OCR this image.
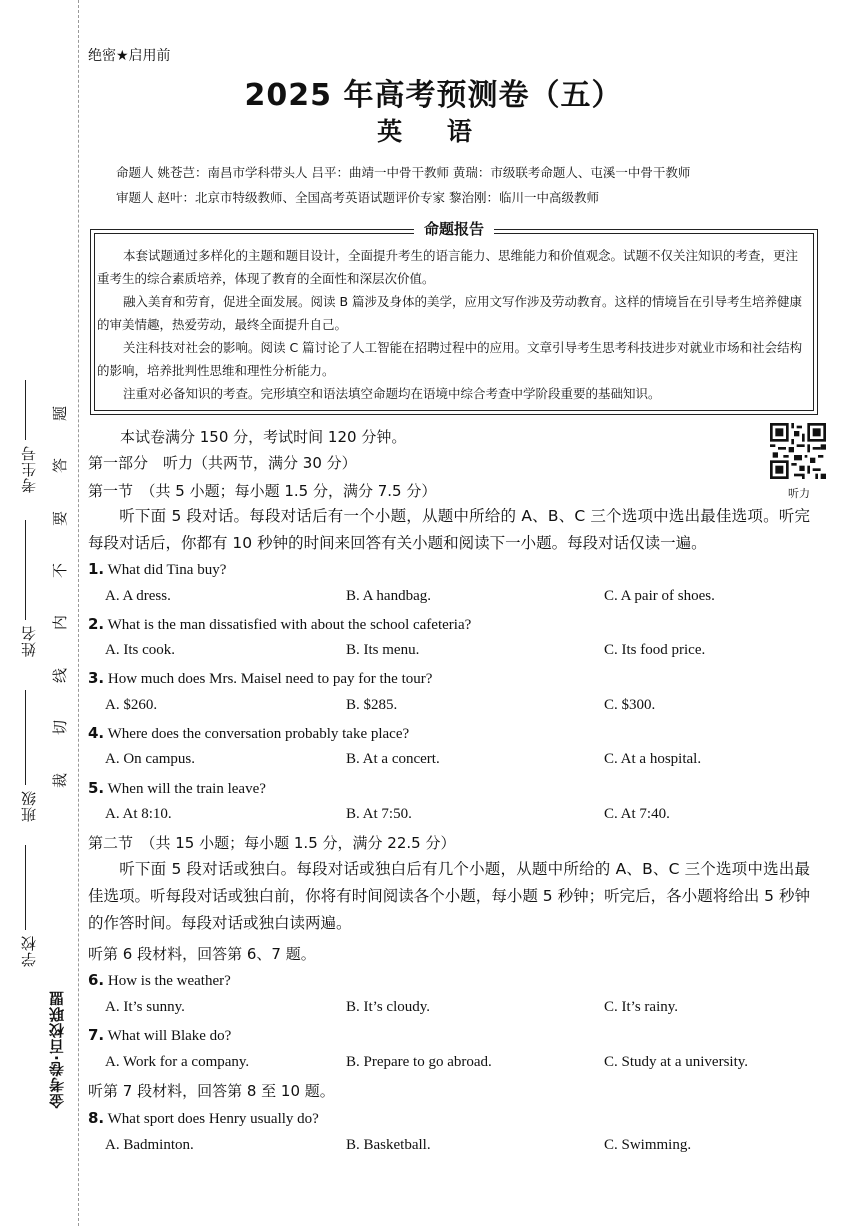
考生号
姓名
班级
学校
金考卷·百校联盟
题
答
要
不
内
线
切
裁
绝密★启用前
2025 年高考预测卷（五）
英 语
命题人 姚苍芑：南昌市学科带头人 吕平：曲靖一中骨干教师 黄瑞：市级联考命题人、屯溪一中骨干教师
审题人 赵叶：北京市特级教师、全国高考英语试题评价专家 黎治刚：临川一中高级教师
命题报告
本套试题通过多样化的主题和题目设计，全面提升考生的语言能力、思维能力和价值观念。试题不仅关注知识的考查，更注重考生的综合素质培养，体现了教育的全面性和深层次价值。
融入美育和劳育，促进全面发展。阅读 B 篇涉及身体的美学，应用文写作涉及劳动教育。这样的情境旨在引导考生培养健康的审美情趣，热爱劳动，最终全面提升自己。
关注科技对社会的影响。阅读 C 篇讨论了人工智能在招聘过程中的应用。文章引导考生思考科技进步对就业市场和社会结构的影响，培养批判性思维和理性分析能力。
注重对必备知识的考查。完形填空和语法填空命题均在语境中综合考查中学阶段重要的基础知识。
听力
本试卷满分 150 分，考试时间 120 分钟。
第一部分　听力（共两节，满分 30 分）
第一节　（共 5 小题；每小题 1.5 分，满分 7.5 分）
听下面 5 段对话。每段对话后有一个小题，从题中所给的 A、B、C 三个选项中选出最佳选项。听完每段对话后，你都有 10 秒钟的时间来回答有关小题和阅读下一小题。每段对话仅读一遍。
1. What did Tina buy?
A. A dress.	B. A handbag.	C. A pair of shoes.
2. What is the man dissatisfied with about the school cafeteria?
A. Its cook.	B. Its menu.	C. Its food price.
3. How much does Mrs. Maisel need to pay for the tour?
A. $260.	B. $285.	C. $300.
4. Where does the conversation probably take place?
A. On campus.	B. At a concert.	C. At a hospital.
5. When will the train leave?
A. At 8:10.	B. At 7:50.	C. At 7:40.
第二节　（共 15 小题；每小题 1.5 分，满分 22.5 分）
听下面 5 段对话或独白。每段对话或独白后有几个小题，从题中所给的 A、B、C 三个选项中选出最佳选项。听每段对话或独白前，你将有时间阅读各个小题，每小题 5 秒钟；听完后，各小题将给出 5 秒钟的作答时间。每段对话或独白读两遍。
听第 6 段材料，回答第 6、7 题。
6. How is the weather?
A. It’s sunny.	B. It’s cloudy.	C. It’s rainy.
7. What will Blake do?
A. Work for a company.	B. Prepare to go abroad.	C. Study at a university.
听第 7 段材料，回答第 8 至 10 题。
8. What sport does Henry usually do?
A. Badminton.	B. Basketball.	C. Swimming.
